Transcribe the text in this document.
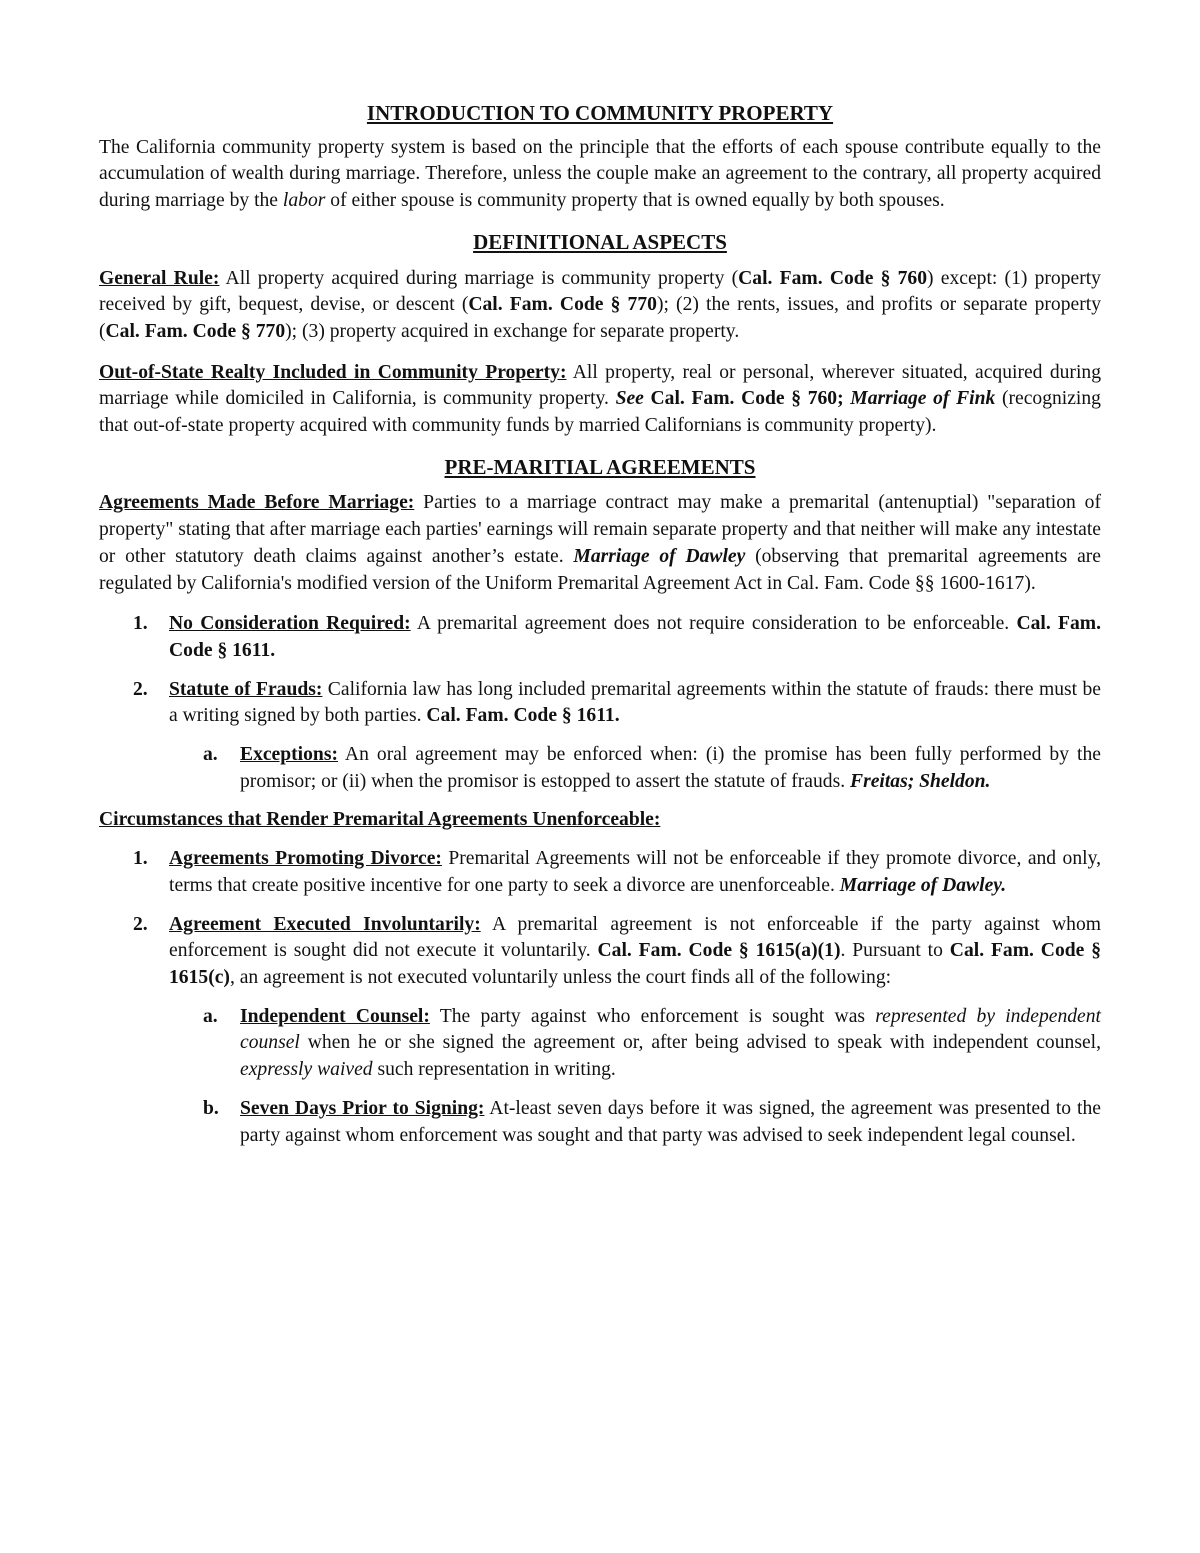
INTRODUCTION TO COMMUNITY PROPERTY

The California community property system is based on the principle that the efforts of each spouse contribute equally to the accumulation of wealth during marriage. Therefore, unless the couple make an agreement to the contrary, all property acquired during marriage by the labor of either spouse is community property that is owned equally by both spouses.

DEFINITIONAL ASPECTS

General Rule: All property acquired during marriage is community property (Cal. Fam. Code § 760) except: (1) property received by gift, bequest, devise, or descent (Cal. Fam. Code § 770); (2) the rents, issues, and profits or separate property (Cal. Fam. Code § 770); (3) property acquired in exchange for separate property.

Out-of-State Realty Included in Community Property: All property, real or personal, wherever situated, acquired during marriage while domiciled in California, is community property. See Cal. Fam. Code § 760; Marriage of Fink (recognizing that out-of-state property acquired with community funds by married Californians is community property).

PRE-MARITIAL AGREEMENTS

Agreements Made Before Marriage: Parties to a marriage contract may make a premarital (antenuptial) "separation of property" stating that after marriage each parties' earnings will remain separate property and that neither will make any intestate or other statutory death claims against another’s estate. Marriage of Dawley (observing that premarital agreements are regulated by California's modified version of the Uniform Premarital Agreement Act in Cal. Fam. Code §§ 1600-1617).

1. No Consideration Required: A premarital agreement does not require consideration to be enforceable. Cal. Fam. Code § 1611.
2. Statute of Frauds: California law has long included premarital agreements within the statute of frauds: there must be a writing signed by both parties. Cal. Fam. Code § 1611.
a. Exceptions: An oral agreement may be enforced when: (i) the promise has been fully performed by the promisor; or (ii) when the promisor is estopped to assert the statute of frauds. Freitas; Sheldon.

Circumstances that Render Premarital Agreements Unenforceable:

1. Agreements Promoting Divorce: Premarital Agreements will not be enforceable if they promote divorce, and only, terms that create positive incentive for one party to seek a divorce are unenforceable. Marriage of Dawley.
2. Agreement Executed Involuntarily: A premarital agreement is not enforceable if the party against whom enforcement is sought did not execute it voluntarily. Cal. Fam. Code § 1615(a)(1). Pursuant to Cal. Fam. Code § 1615(c), an agreement is not executed voluntarily unless the court finds all of the following:
a. Independent Counsel: The party against who enforcement is sought was represented by independent counsel when he or she signed the agreement or, after being advised to speak with independent counsel, expressly waived such representation in writing.
b. Seven Days Prior to Signing: At-least seven days before it was signed, the agreement was presented to the party against whom enforcement was sought and that party was advised to seek independent legal counsel.
